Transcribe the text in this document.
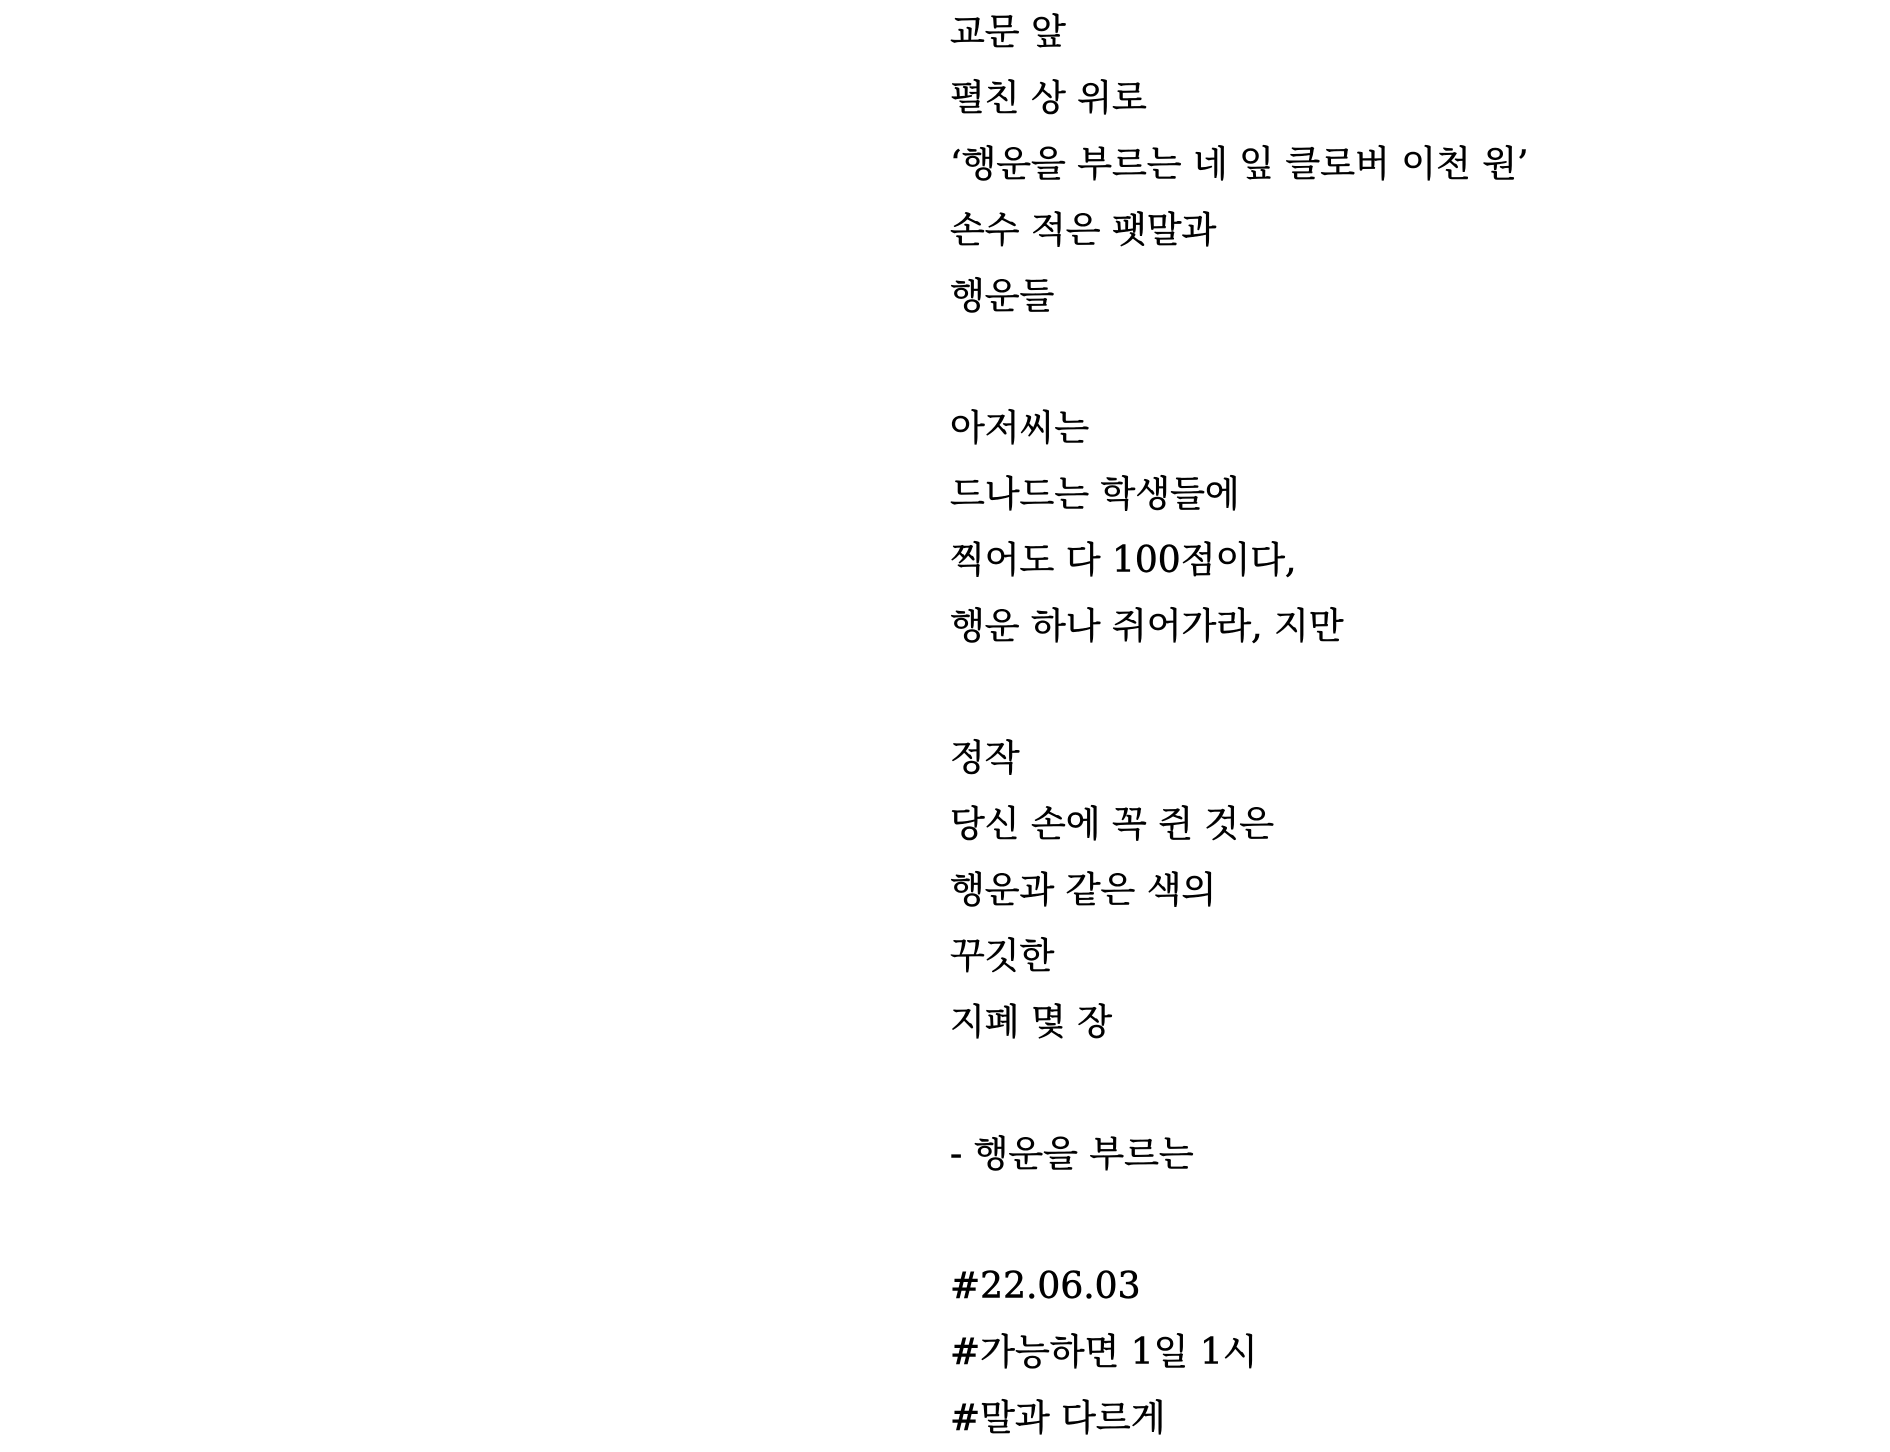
교문 앞
펼친 상 위로
‘행운을 부르는 네 잎 클로버 이천 원’
손수 적은 팻말과
행운들
아저씨는
드나드는 학생들에
찍어도 다 100점이다,
행운 하나 쥐어가라, 지만
정작
당신 손에 꼭 쥔 것은
행운과 같은 색의
꾸깃한
지폐 몇 장
- 행운을 부르는
#22.06.03
#가능하면 1일 1시
#말과 다르게
